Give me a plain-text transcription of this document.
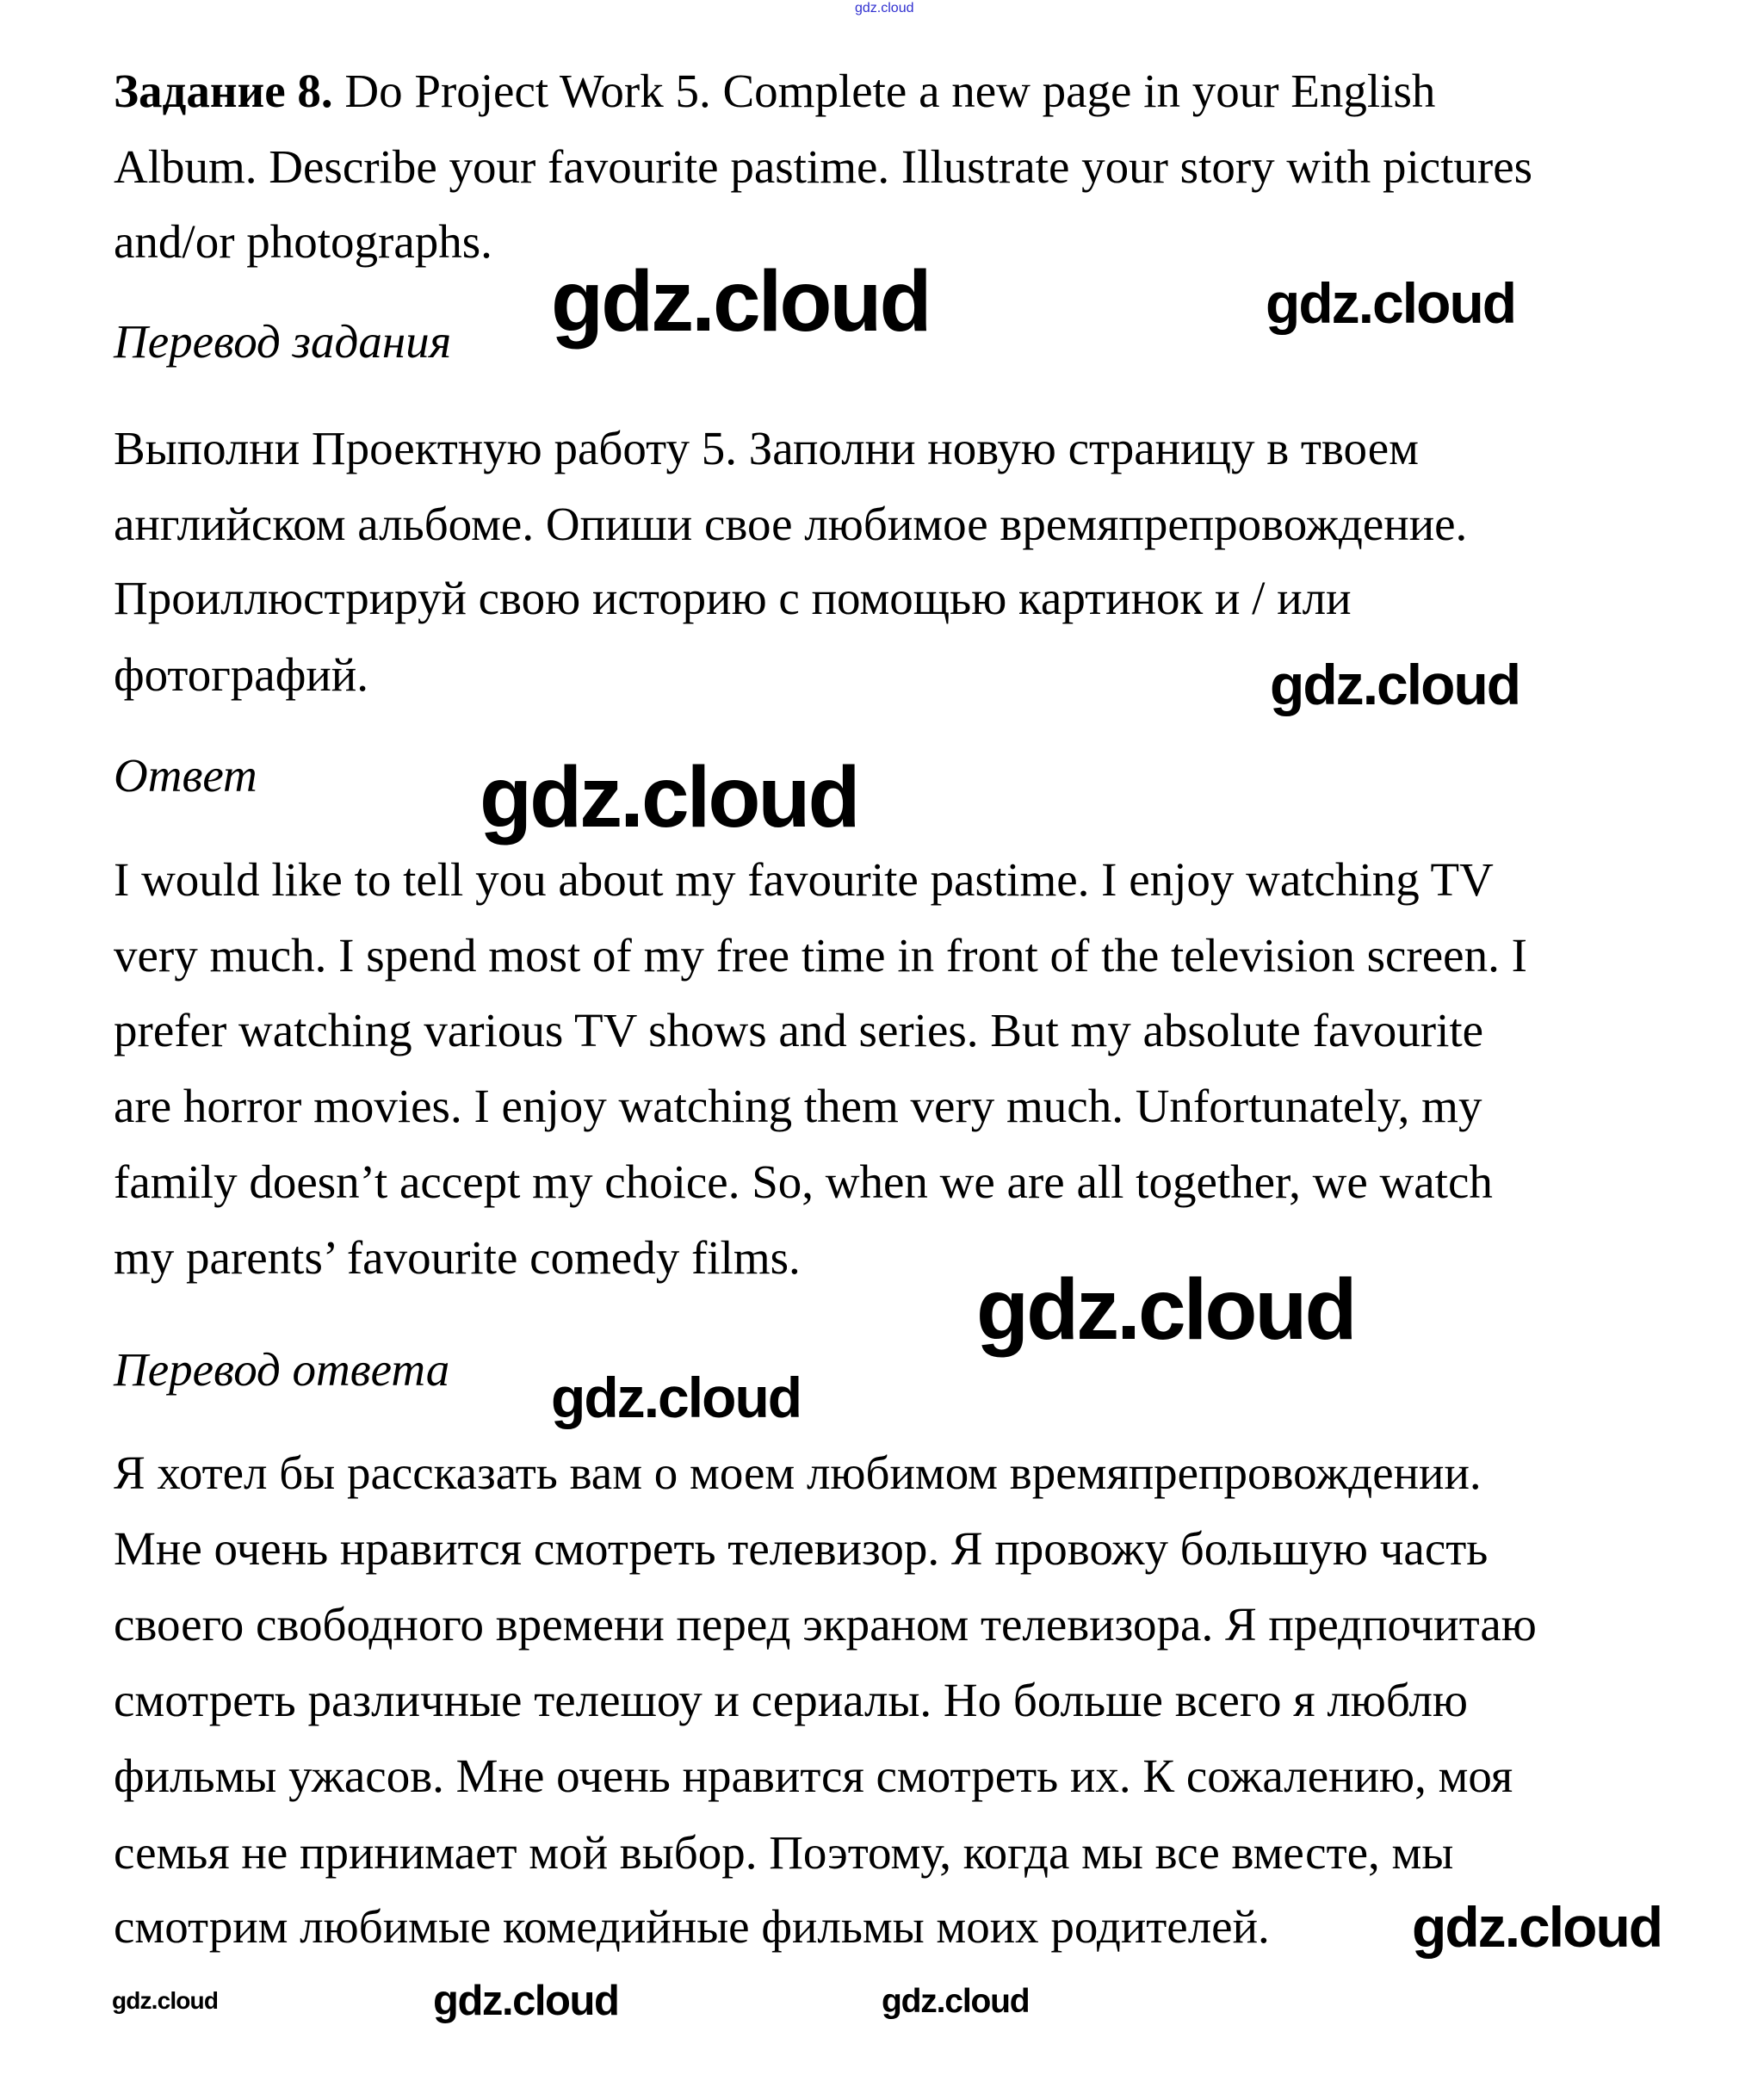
gdz.cloud
Задание 8. Do Project Work 5. Complete a new page in your English
Album. Describe your favourite pastime. Illustrate your story with pictures
and/or photographs.
Перевод задания
Выполни Проектную работу 5. Заполни новую страницу в твоем
английском альбоме. Опиши свое любимое времяпрепровождение.
Проиллюстрируй свою историю с помощью картинок и / или
фотографий.
Ответ
I would like to tell you about my favourite pastime. I enjoy watching TV
very much. I spend most of my free time in front of the television screen. I
prefer watching various TV shows and series. But my absolute favourite
are horror movies. I enjoy watching them very much. Unfortunately, my
family doesn’t accept my choice. So, when we are all together, we watch
my parents’ favourite comedy films.
Перевод ответа
Я хотел бы рассказать вам о моем любимом времяпрепровождении.
Мне очень нравится смотреть телевизор. Я провожу большую часть
своего свободного времени перед экраном телевизора. Я предпочитаю
смотреть различные телешоу и сериалы. Но больше всего я люблю
фильмы ужасов. Мне очень нравится смотреть их. К сожалению, моя
семья не принимает мой выбор. Поэтому, когда мы все вместе, мы
смотрим любимые комедийные фильмы моих родителей.
gdz.cloud	gdz.cloud
gdz.cloud
gdz.cloud
gdz.cloud
gdz.cloud
gdz.cloud	gdz.cloud	gdz.cloud
gdz.cloud
